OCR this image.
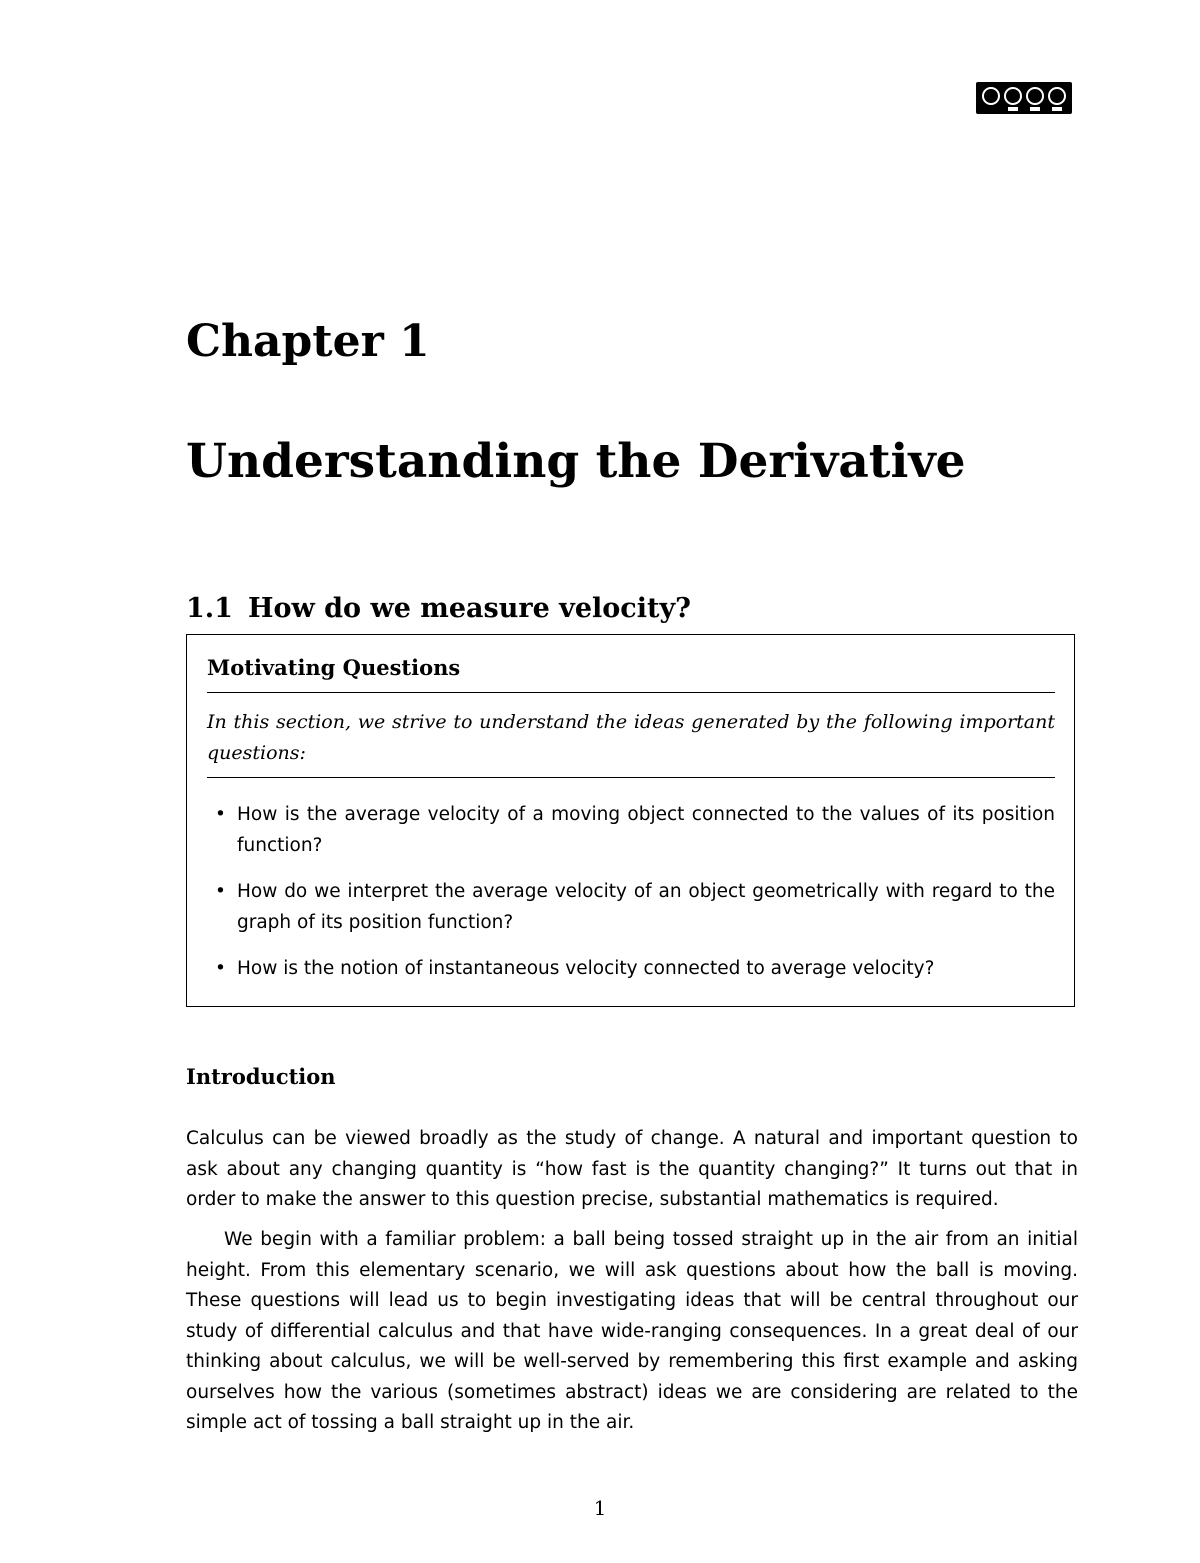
Chapter 1
Understanding the Derivative
1.1 How do we measure velocity?
Motivating Questions

In this section, we strive to understand the ideas generated by the following important questions:

• How is the average velocity of a moving object connected to the values of its position function?
• How do we interpret the average velocity of an object geometrically with regard to the graph of its position function?
• How is the notion of instantaneous velocity connected to average velocity?
Introduction

Calculus can be viewed broadly as the study of change. A natural and important question to ask about any changing quantity is “how fast is the quantity changing?” It turns out that in order to make the answer to this question precise, substantial mathematics is required.

We begin with a familiar problem: a ball being tossed straight up in the air from an initial height. From this elementary scenario, we will ask questions about how the ball is moving. These questions will lead us to begin investigating ideas that will be central throughout our study of differential calculus and that have wide-ranging consequences. In a great deal of our thinking about calculus, we will be well-served by remembering this first example and asking ourselves how the various (sometimes abstract) ideas we are considering are related to the simple act of tossing a ball straight up in the air.

1
